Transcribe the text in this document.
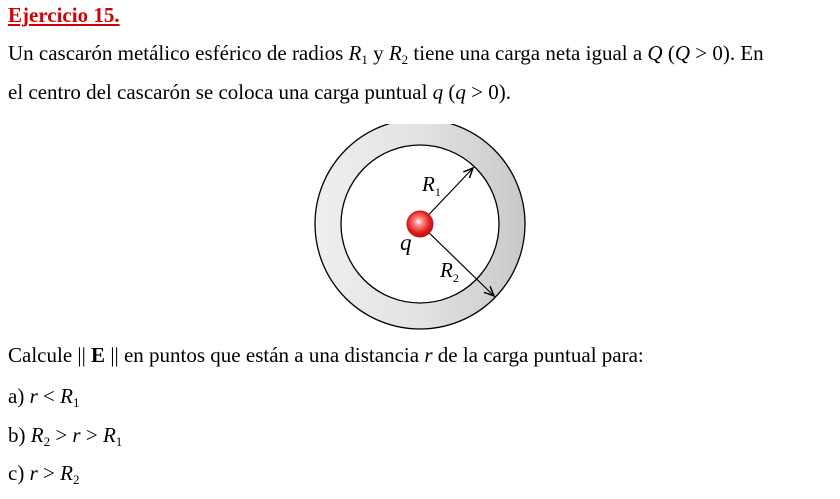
Ejercicio 15.
Un cascarón metálico esférico de radios $R_1$ y $R_2$ tiene una carga neta igual a Q (Q > 0). En
el centro del cascarón se coloca una carga puntual q (q > 0).
$R_1$
q
$R_2$
Calcule || E || en puntos que están a una distancia r de la carga puntual para:
a) $r < R_1$
b) $R_2 > r > R_1$
c) $r > R_2$
